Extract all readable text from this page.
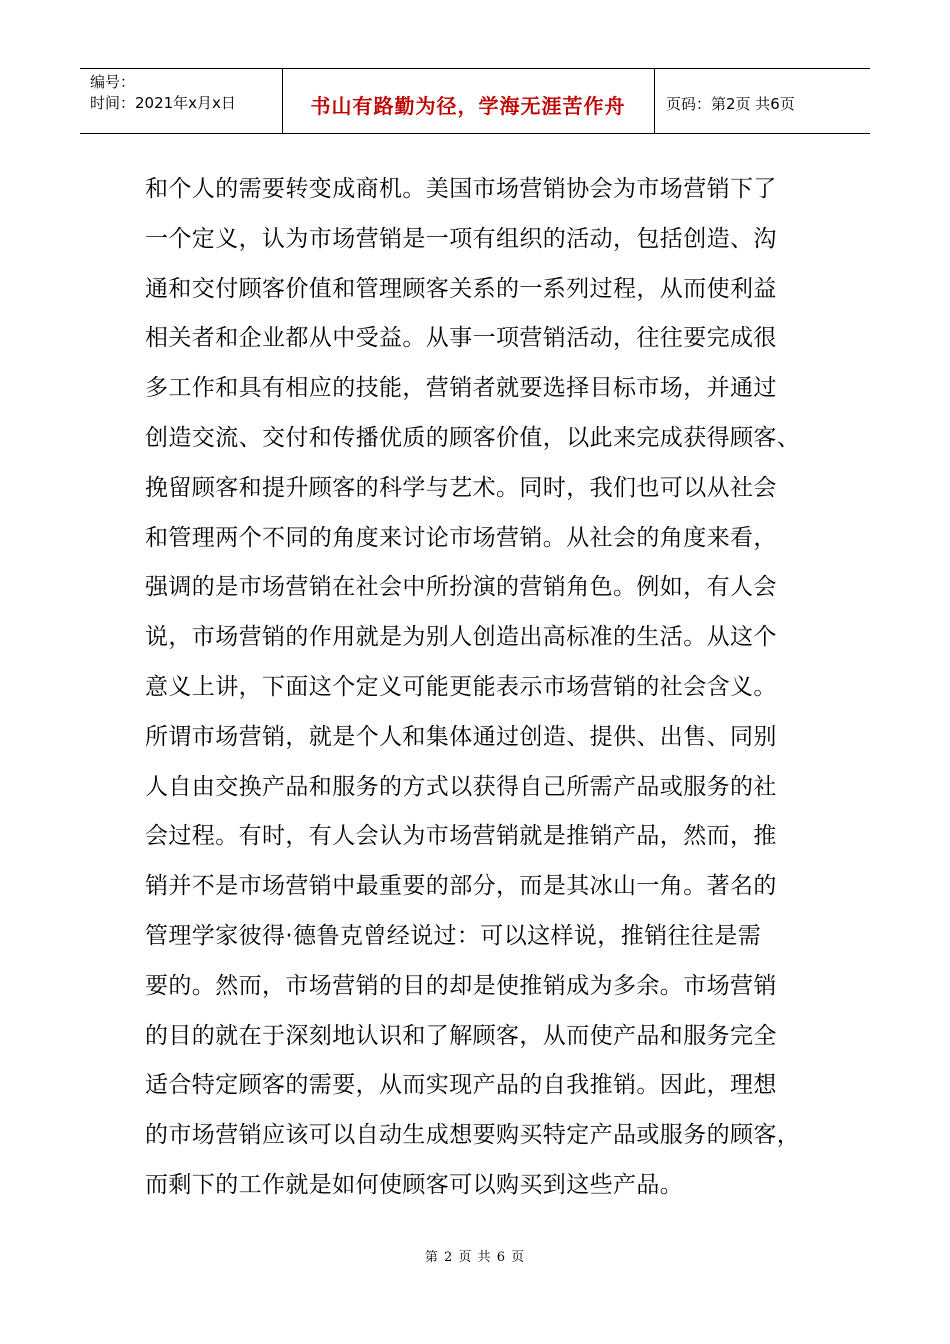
编号：
时间：2021年x月x日	书山有路勤为径，学海无涯苦作舟	页码：第2页 共6页
和个人的需要转变成商机。美国市场营销协会为市场营销下了
一个定义，认为市场营销是一项有组织的活动，包括创造、沟
通和交付顾客价值和管理顾客关系的一系列过程，从而使利益
相关者和企业都从中受益。从事一项营销活动，往往要完成很
多工作和具有相应的技能，营销者就要选择目标市场，并通过
创造交流、交付和传播优质的顾客价值，以此来完成获得顾客、
挽留顾客和提升顾客的科学与艺术。同时，我们也可以从社会
和管理两个不同的角度来讨论市场营销。从社会的角度来看，
强调的是市场营销在社会中所扮演的营销角色。例如，有人会
说，市场营销的作用就是为别人创造出高标准的生活。从这个
意义上讲，下面这个定义可能更能表示市场营销的社会含义。
所谓市场营销，就是个人和集体通过创造、提供、出售、同别
人自由交换产品和服务的方式以获得自己所需产品或服务的社
会过程。有时，有人会认为市场营销就是推销产品，然而，推
销并不是市场营销中最重要的部分，而是其冰山一角。著名的
管理学家彼得·德鲁克曾经说过：可以这样说，推销往往是需
要的。然而，市场营销的目的却是使推销成为多余。市场营销
的目的就在于深刻地认识和了解顾客，从而使产品和服务完全
适合特定顾客的需要，从而实现产品的自我推销。因此，理想
的市场营销应该可以自动生成想要购买特定产品或服务的顾客，
而剩下的工作就是如何使顾客可以购买到这些产品。
第 2 页 共 6 页
